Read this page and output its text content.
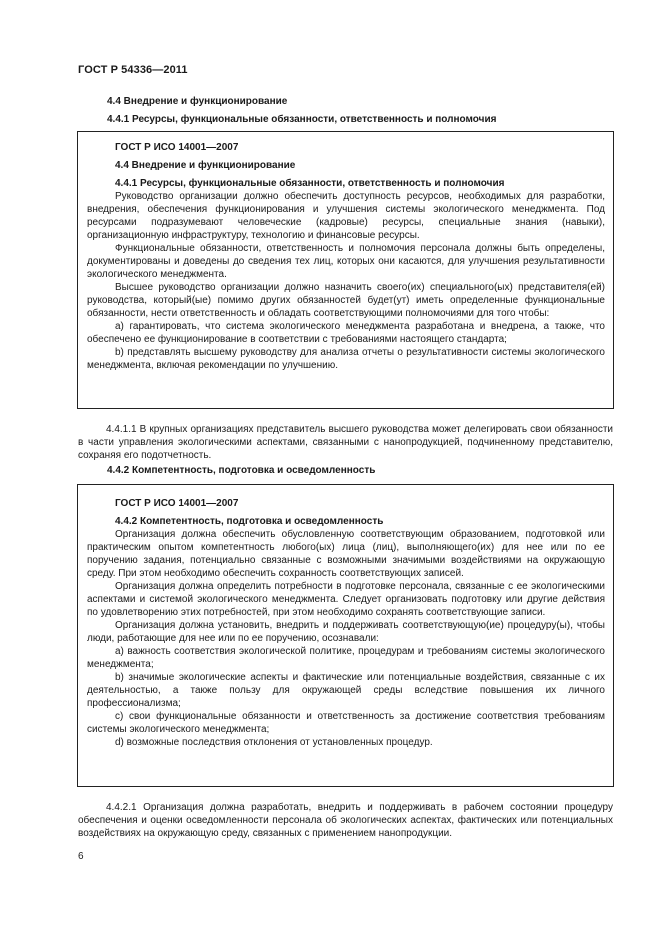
ГОСТ Р 54336—2011
4.4 Внедрение и функционирование
4.4.1 Ресурсы, функциональные обязанности, ответственность и полномочия
ГОСТ Р ИСО 14001—2007
4.4 Внедрение и функционирование
4.4.1 Ресурсы, функциональные обязанности, ответственность и полномочия

Руководство организации должно обеспечить доступность ресурсов, необходимых для разработки, внедрения, обеспечения функционирования и улучшения системы экологического менеджмента. Под ресурсами подразумевают человеческие (кадровые) ресурсы, специальные знания (навыки), организационную инфраструктуру, технологию и финансовые ресурсы.

Функциональные обязанности, ответственность и полномочия персонала должны быть определены, документированы и доведены до сведения тех лиц, которых они касаются, для улучшения результативности экологического менеджмента.

Высшее руководство организации должно назначить своего(их) специального(ых) представителя(ей) руководства, который(ые) помимо других обязанностей будет(ут) иметь определенные функциональные обязанности, нести ответственность и обладать соответствующими полномочиями для того чтобы:

a) гарантировать, что система экологического менеджмента разработана и внедрена, а также, что обеспечено ее функционирование в соответствии с требованиями настоящего стандарта;

b) представлять высшему руководству для анализа отчеты о результативности системы экологического менеджмента, включая рекомендации по улучшению.

4.4.1.1 В крупных организациях представитель высшего руководства может делегировать свои обязанности в части управления экологическими аспектами, связанными с нанопродукцией, подчиненному представителю, сохраняя его подотчетность.

4.4.2 Компетентность, подготовка и осведомленность
ГОСТ Р ИСО 14001—2007
4.4.2 Компетентность, подготовка и осведомленность

Организация должна обеспечить обусловленную соответствующим образованием, подготовкой или практическим опытом компетентность любого(ых) лица (лиц), выполняющего(их) для нее или по ее поручению задания, потенциально связанные с возможными значимыми воздействиями на окружающую среду. При этом необходимо обеспечить сохранность соответствующих записей.

Организация должна определить потребности в подготовке персонала, связанные с ее экологическими аспектами и системой экологического менеджмента. Следует организовать подготовку или другие действия по удовлетворению этих потребностей, при этом необходимо сохранять соответствующие записи.

Организация должна установить, внедрить и поддерживать соответствующую(ие) процедуру(ы), чтобы люди, работающие для нее или по ее поручению, осознавали:

a) важность соответствия экологической политике, процедурам и требованиям системы экологического менеджмента;

b) значимые экологические аспекты и фактические или потенциальные воздействия, связанные с их деятельностью, а также пользу для окружающей среды вследствие повышения их личного профессионализма;

c) свои функциональные обязанности и ответственность за достижение соответствия требованиям системы экологического менеджмента;

d) возможные последствия отклонения от установленных процедур.

4.4.2.1 Организация должна разработать, внедрить и поддерживать в рабочем состоянии процедуру обеспечения и оценки осведомленности персонала об экологических аспектах, фактических или потенциальных воздействиях на окружающую среду, связанных с применением нанопродукции.

6
